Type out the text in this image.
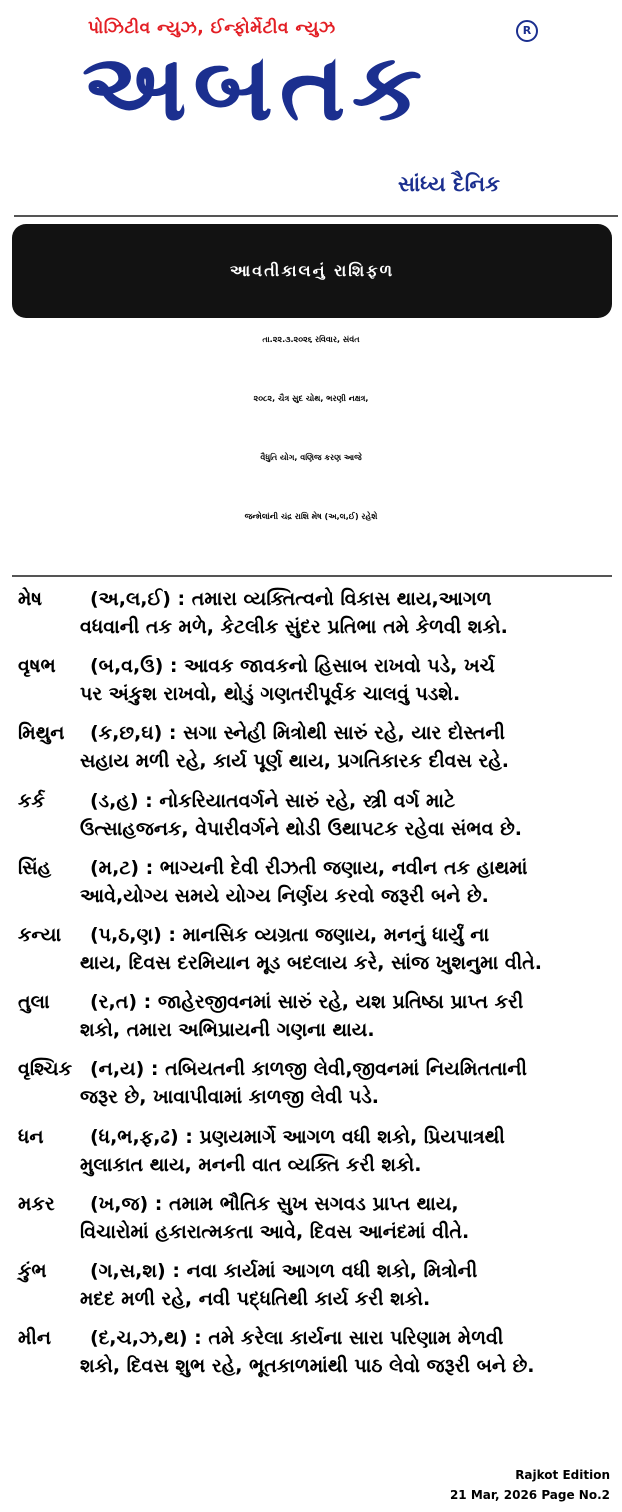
પોઝિટીવ ન્યુઝ, ઈન્ફોર્મેટીવ ન્યુઝ	R
અબતક
સાંધ્ય દૈનિક
આવતીકાલનું રાશિફળ
તા.૨૨.૩.૨૦૨૬ રવિવાર, સંવંત
૨૦૮૨, ચૈત્ર સુદ ચોથ, ભરણી નક્ષત્ર,
વૈધુતિ યોગ, વણિજ કરણ આજે
જન્મેલાંની ચંદ્ર રાશિ મેષ (અ,લ,ઈ) રહેશે
મેષ	(અ,લ,ઈ) : તમારા વ્યક્તિત્વનો વિકાસ થાય,આગળ
વધવાની તક મળે, કેટલીક સુંદર પ્રતિભા તમે કેળવી શકો.
વૃષભ (બ,વ,ઉ) : આવક જાવકનો હિસાબ રાખવો પડે, ખર્ચ
પર અંકુશ રાખવો, થોડું ગણતરીપૂર્વક ચાલવું પડશે.
મિથુન (ક,છ,ઘ) : સગા સ્નેહી મિત્રોથી સારું રહે, યાર દોસ્તની
સહાય મળી રહે, કાર્ય પૂર્ણ થાય, પ્રગતિકારક દીવસ રહે.
કર્ક (ડ,હ) : નોકરિયાતવર્ગને સારું રહે, સ્ત્રી વર્ગ માટે
ઉત્સાહજનક, વેપારીવર્ગને થોડી ઉથાપટક રહેવા સંભવ છે.
સિંહ (મ,ટ) : ભાગ્યની દેવી રીઝતી જણાય, નવીન તક હાથમાં
આવે,યોગ્ય સમયે યોગ્ય નિર્ણય કરવો જરૂરી બને છે.
કન્યા (પ,ઠ,ણ) : માનસિક વ્યગ્રતા જણાય, મનનું ધાર્યું ના
થાય, દિવસ દરમિયાન મૂડ બદલાય કરે, સાંજ ખુશનુમા વીતે.
તુલા (ર,ત) : જાહેરજીવનમાં સારું રહે, યશ પ્રતિષ્ઠા પ્રાપ્ત કરી
શકો, તમારા અભિપ્રાયની ગણના થાય.
વૃશ્ચિક (ન,ય) : તબિયતની કાળજી લેવી,જીવનમાં નિયમિતતાની
જરૂર છે, ખાવાપીવામાં કાળજી લેવી પડે.
ધન (ધ,ભ,ફ,ઢ) : પ્રણયમાર્ગે આગળ વધી શકો, પ્રિયપાત્રથી
મુલાકાત થાય, મનની વાત વ્યક્તિ કરી શકો.
મકર (ખ,જ) : તમામ ભૌતિક સુખ સગવડ પ્રાપ્ત થાય,
વિચારોમાં હકારાત્મકતા આવે, દિવસ આનંદમાં વીતે.
કુંભ (ગ,સ,શ) : નવા કાર્યમાં આગળ વધી શકો, મિત્રોની
મદદ મળી રહે, નવી પદ્ધતિથી કાર્ય કરી શકો.
મીન (દ,ચ,ઝ,થ) : તમે કરેલા કાર્યના સારા પરિણામ મેળવી
શકો, દિવસ શુભ રહે, ભૂતકાળમાંથી પાઠ લેવો જરૂરી બને છે.
Rajkot Edition
21 Mar, 2026 Page No.2
